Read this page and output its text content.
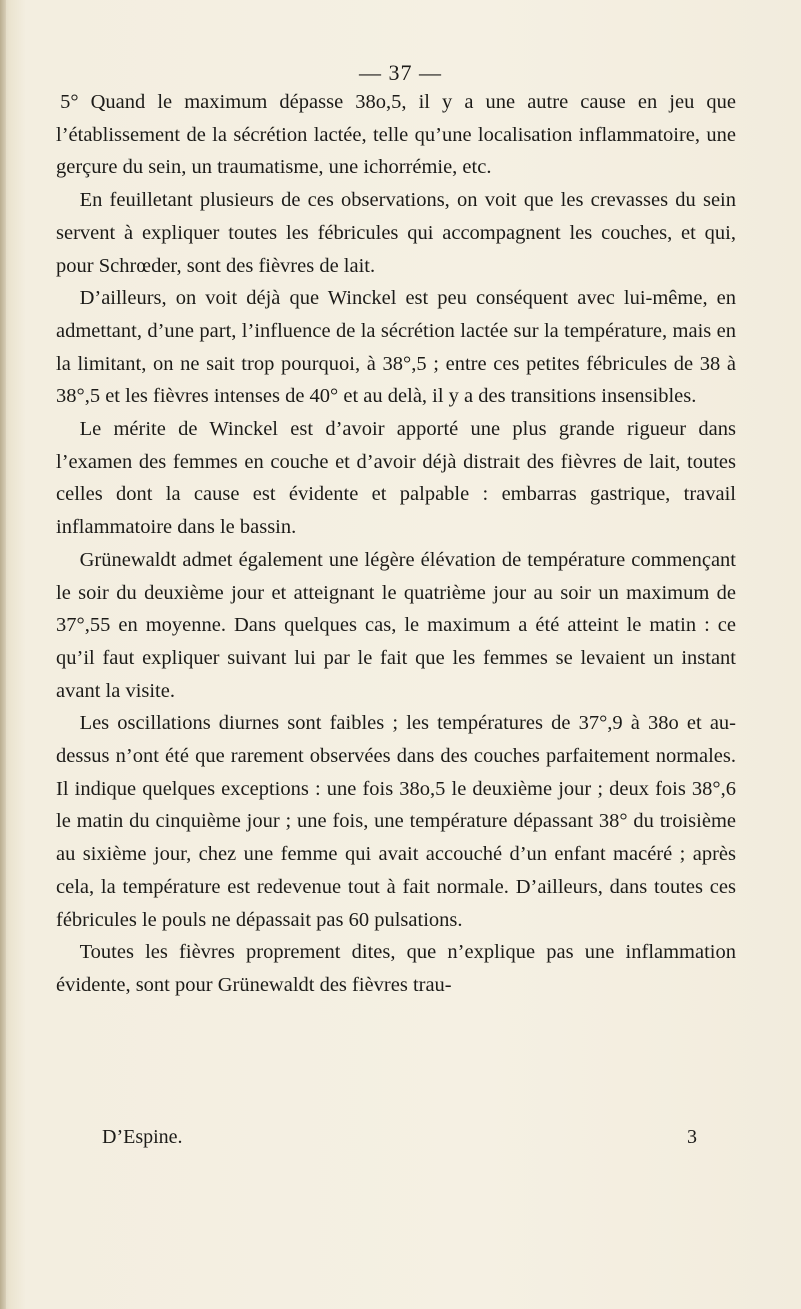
— 37 —

5° Quand le maximum dépasse 38o,5, il y a une autre cause en jeu que l’établissement de la sécrétion lactée, telle qu’une localisation inflammatoire, une gerçure du sein, un traumatisme, une ichorrémie, etc.

En feuilletant plusieurs de ces observations, on voit que les crevasses du sein servent à expliquer toutes les fébricules qui accompagnent les couches, et qui, pour Schrœder, sont des fièvres de lait.

D’ailleurs, on voit déjà que Winckel est peu conséquent avec lui-même, en admettant, d’une part, l’influence de la sécrétion lactée sur la température, mais en la limitant, on ne sait trop pourquoi, à 38°,5 ; entre ces petites fébricules de 38 à 38°,5 et les fièvres intenses de 40° et au delà, il y a des transitions insensibles.

Le mérite de Winckel est d’avoir apporté une plus grande rigueur dans l’examen des femmes en couche et d’avoir déjà distrait des fièvres de lait, toutes celles dont la cause est évidente et palpable : embarras gastrique, travail inflammatoire dans le bassin.

Grünewaldt admet également une légère élévation de température commençant le soir du deuxième jour et atteignant le quatrième jour au soir un maximum de 37°,55 en moyenne. Dans quelques cas, le maximum a été atteint le matin : ce qu’il faut expliquer suivant lui par le fait que les femmes se levaient un instant avant la visite.

Les oscillations diurnes sont faibles ; les températures de 37°,9 à 38o et au-dessus n’ont été que rarement observées dans des couches parfaitement normales. Il indique quelques exceptions : une fois 38o,5 le deuxième jour ; deux fois 38°,6 le matin du cinquième jour ; une fois, une température dépassant 38° du troisième au sixième jour, chez une femme qui avait accouché d’un enfant macéré ; après cela, la température est redevenue tout à fait normale. D’ailleurs, dans toutes ces fébricules le pouls ne dépassait pas 60 pulsations.

Toutes les fièvres proprement dites, que n’explique pas une inflammation évidente, sont pour Grünewaldt des fièvres trau-

D’Espine.	3
